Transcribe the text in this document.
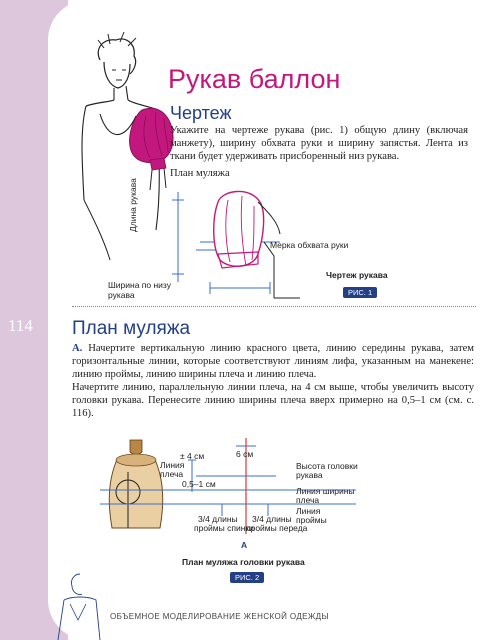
114
Рукав баллон
Чертеж

Укажите на чертеже рукава (рис. 1) общую длину (включая манжету), ширину обхвата руки и ширину запястья. Лента из ткани будет удерживать присборенный низ рукава.

План муляжа
Длина рукава
Мерка обхвата руки
Ширина по низу
рукава
Чертеж рукава
РИС. 1
План муляжа
A. Начертите вертикальную линию красного цвета, линию середины рукава, затем горизонтальные линии, которые соответствуют линиям лифа, указанным на манекене: линию проймы, линию ширины плеча и линию плеча.
Начертите линию, параллельную линии плеча, на 4 см выше, чтобы увеличить высоту головки рукава. Перенесите линию ширины плеча вверх примерно на 0,5–1 см (см. с. 116).
± 4 см	6 см
Линия
плеча
0,5–1 см
Высота головки
рукава
Линия ширины
плеча
Линия
проймы
3/4 длины
проймы спинки
3/4 длины
проймы переда
A
План муляжа головки рукава
РИС. 2
ОБЪЕМНОЕ МОДЕЛИРОВАНИЕ ЖЕНСКОЙ ОДЕЖДЫ
